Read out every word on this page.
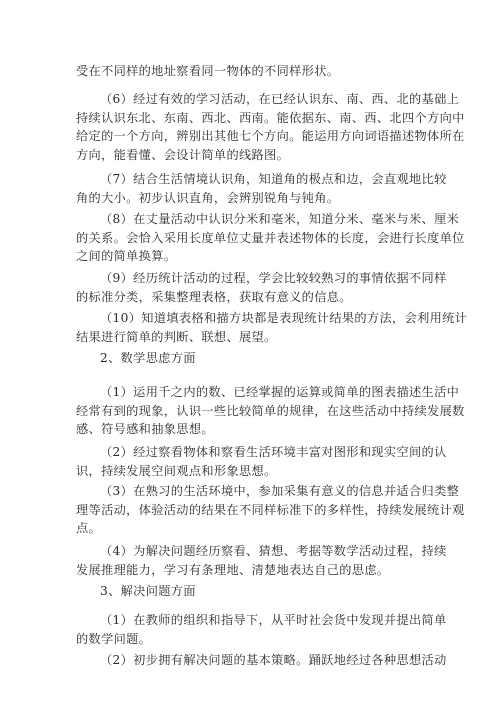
受在不同样的地址察看同一物体的不同样形状。
（6）经过有效的学习活动，在已经认识东、南、西、北的基础上
持续认识东北、东南、西北、西南。能依据东、南、西、北四个方向中
给定的一个方向，辨别出其他七个方向。能运用方向词语描述物体所在
方向，能看懂、会设计简单的线路图。
（7）结合生活情境认识角，知道角的极点和边，会直观地比较
角的大小。初步认识直角，会辨别锐角与钝角。
（8）在丈量活动中认识分米和毫米，知道分米、毫米与米、厘米
的关系。会恰入采用长度单位丈量并表述物体的长度，会进行长度单位
之间的简单换算。
（9）经历统计活动的过程，学会比较较熟习的事情依据不同样
的标准分类，采集整理表格，获取有意义的信息。
（10）知道填表格和描方块都是表现统计结果的方法，会利用统计
结果进行简单的判断、联想、展望。
2、数学思虑方面
（1）运用千之内的数、已经掌握的运算或简单的图表描述生活中
经常有到的现象，认识一些比较简单的规律，在这些活动中持续发展数
感、符号感和抽象思想。
（2）经过察看物体和察看生活环境丰富对图形和现实空间的认
识，持续发展空间观点和形象思想。
（3）在熟习的生活环境中，参加采集有意义的信息并适合归类整
理等活动，体验活动的结果在不同样标准下的多样性，持续发展统计观
点。
（4）为解决问题经历察看、猜想、考据等数学活动过程，持续
发展推理能力，学习有条理地、清楚地表达自己的思虑。
3、解决问题方面
（1）在教师的组织和指导下，从平时社会货中发现并提出简单
的数学问题。
（2）初步拥有解决问题的基本策略。踊跃地经过各种思想活动
